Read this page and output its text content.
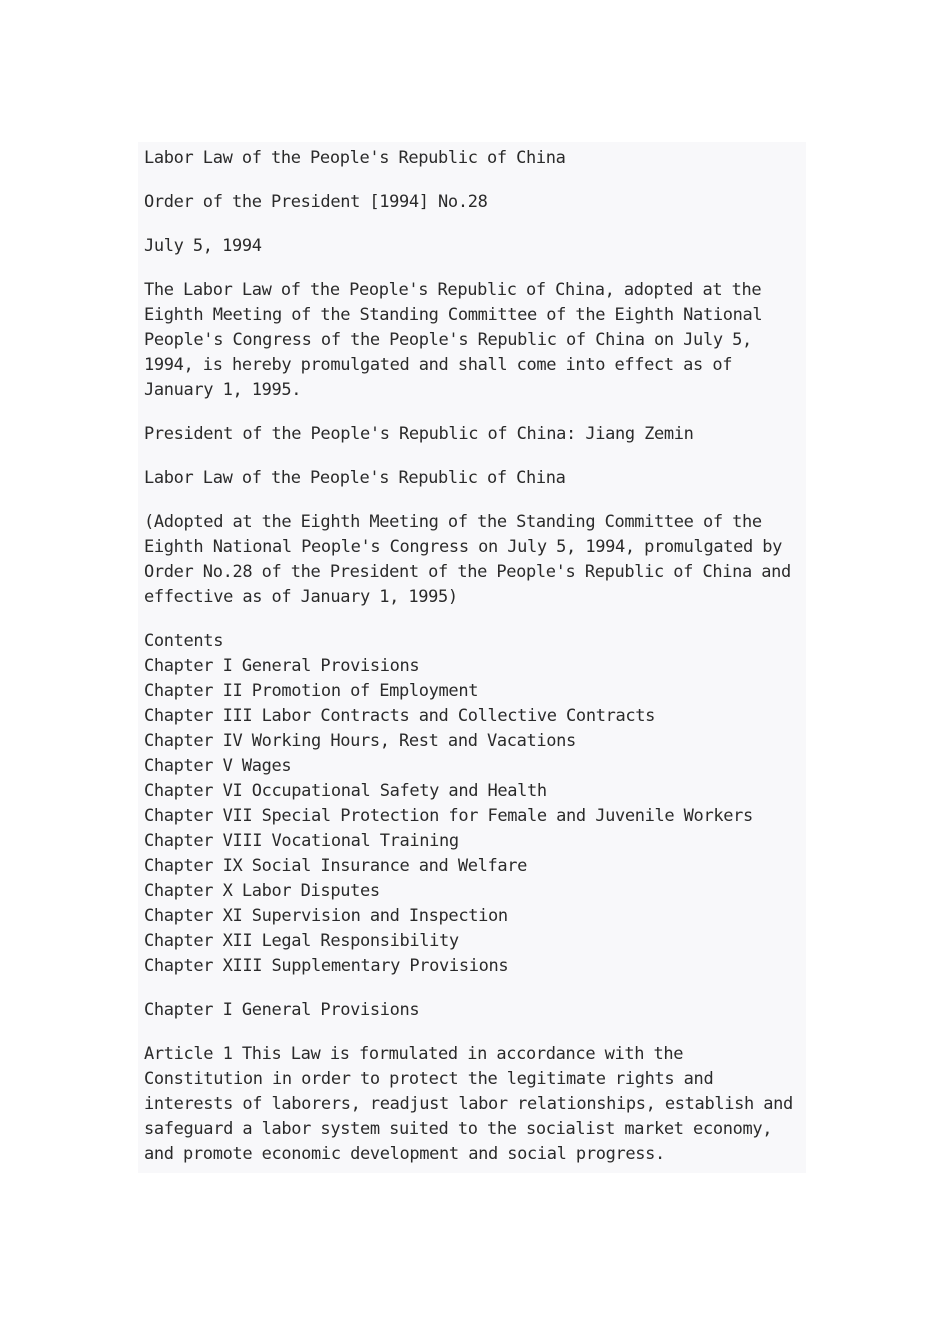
Labor Law of the People's Republic of China

Order of the President [1994] No.28

July 5, 1994

The Labor Law of the People's Republic of China, adopted at the Eighth Meeting of the Standing Committee of the Eighth National People's Congress of the People's Republic of China on July 5, 1994, is hereby promulgated and shall come into effect as of January 1, 1995.

President of the People's Republic of China: Jiang Zemin

Labor Law of the People's Republic of China

(Adopted at the Eighth Meeting of the Standing Committee of the Eighth National People's Congress on July 5, 1994, promulgated by Order No.28 of the President of the People's Republic of China and effective as of January 1, 1995)

Contents
Chapter I General Provisions
Chapter II Promotion of Employment
Chapter III Labor Contracts and Collective Contracts
Chapter IV Working Hours, Rest and Vacations
Chapter V Wages
Chapter VI Occupational Safety and Health
Chapter VII Special Protection for Female and Juvenile Workers
Chapter VIII Vocational Training
Chapter IX Social Insurance and Welfare
Chapter X Labor Disputes
Chapter XI Supervision and Inspection
Chapter XII Legal Responsibility
Chapter XIII Supplementary Provisions

Chapter I General Provisions

Article 1 This Law is formulated in accordance with the Constitution in order to protect the legitimate rights and interests of laborers, readjust labor relationships, establish and safeguard a labor system suited to the socialist market economy, and promote economic development and social progress.
